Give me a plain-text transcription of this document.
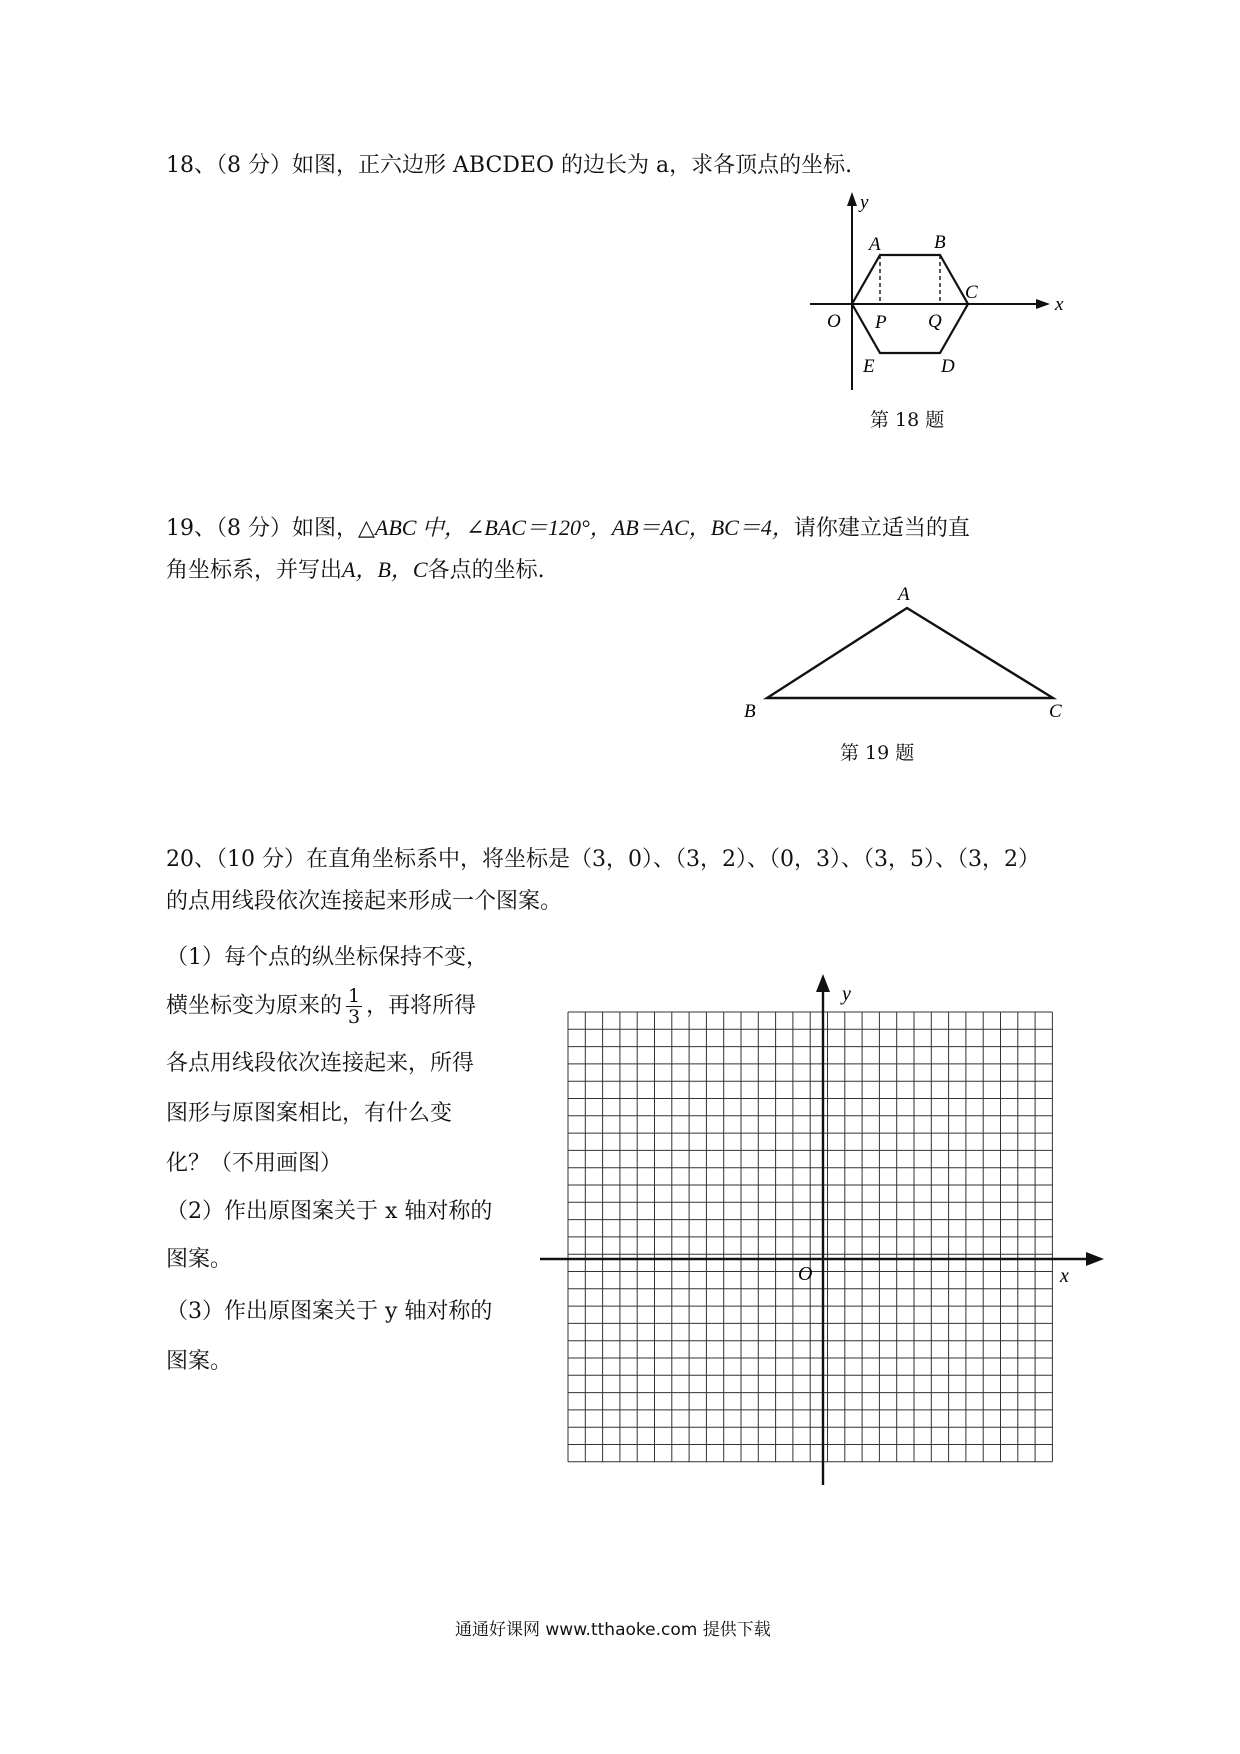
18、（8 分）如图，正六边形 ABCDEO 的边长为 a，求各顶点的坐标.
y
x
A	B
C
O P Q
E	D
第 18 题
19、（8 分）如图，△ABC 中，∠BAC＝120°，AB＝AC，BC＝4，请你建立适当的直
角坐标系，并写出A，B，C各点的坐标.
A
B	C
第 19 题
20、（10 分）在直角坐标系中，将坐标是（3，0）、（3，2）、（0，3）、（3，5）、（3，2）
的点用线段依次连接起来形成一个图案。
（1）每个点的纵坐标保持不变，
横坐标变为原来的 $\frac{1}{3}$ ，再将所得
各点用线段依次连接起来，所得
图形与原图案相比，有什么变
化？（不用画图）
（2）作出原图案关于 x 轴对称的
图案。
（3）作出原图案关于 y 轴对称的
图案。
y
x
O
通通好课网 www.tthaoke.com 提供下载
